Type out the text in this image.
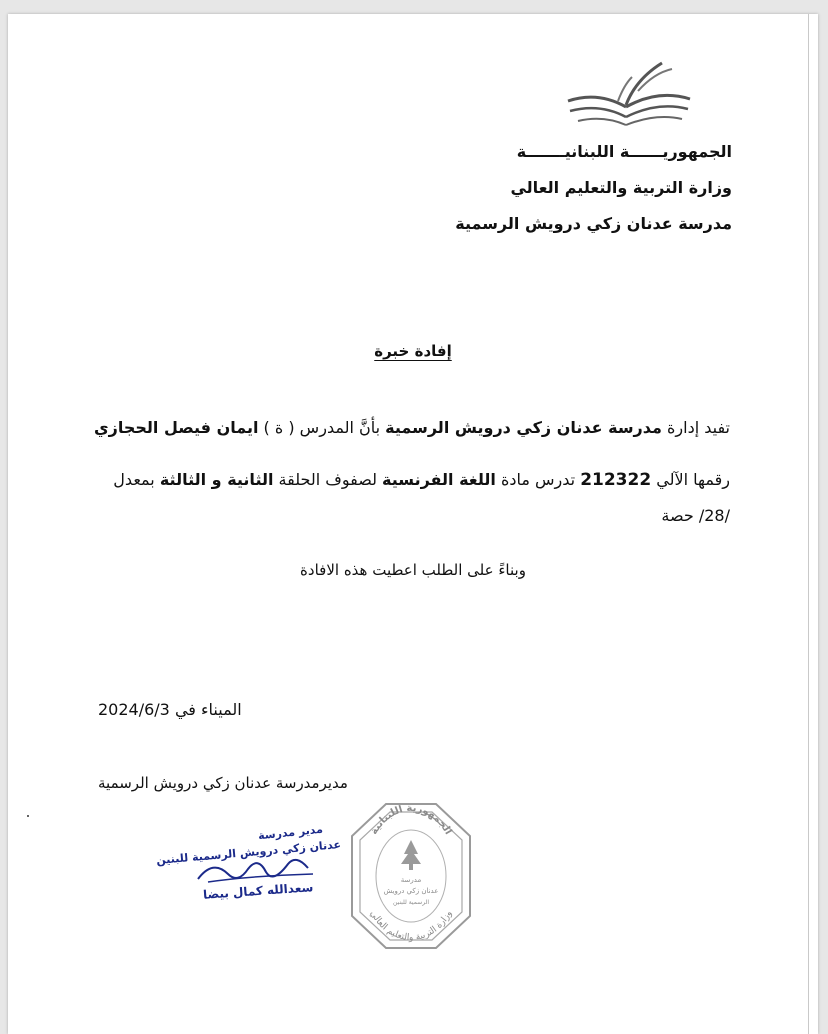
الجمهوريــــــة اللبنانيـــــــة
وزارة التربية والتعليم العالي
مدرسة عدنان زكي درويش الرسمية
إفادة خبرة
تفيد إدارة مدرسة عدنان زكي درويش الرسمية بأنَّ المدرس ( ة ) ايمان فيصل الحجازي
رقمها الآلي 212322 تدرس مادة اللغة الفرنسية لصفوف الحلقة الثانية و الثالثة بمعدل
/28/ حصة
وبناءً على الطلب اعطيت هذه الافادة
الميناء في 2024/6/3
مديرمدرسة عدنان زكي درويش الرسمية
مدير مدرسة
عدنان زكي درويش الرسمية للبنين
سعدالله كمال بيضا
الجمهورية اللبنانية
مدرسة
عدنان زكي درويش
الرسمية للبنين
وزارة التربية والتعليم العالي
